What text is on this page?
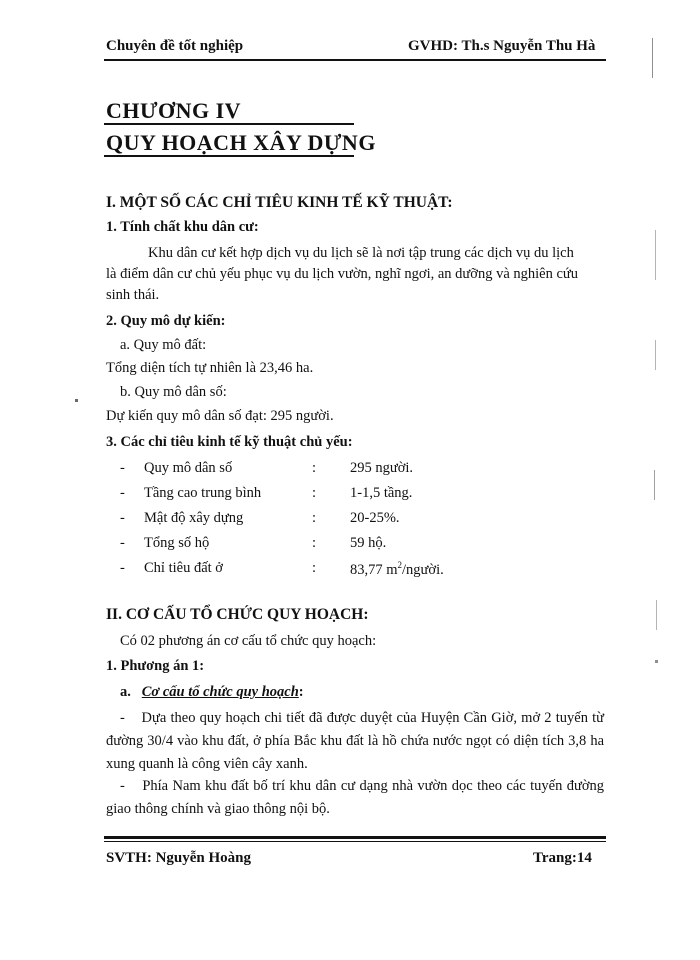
Chuyên đề tốt nghiệp	GVHD: Th.s Nguyễn Thu Hà
CHƯƠNG IV
QUY HOẠCH XÂY DỰNG
I. MỘT SỐ CÁC CHỈ TIÊU KINH TẾ KỸ THUẬT:
1. Tính chất khu dân cư:
Khu dân cư kết hợp dịch vụ du lịch sẽ là nơi tập trung các dịch vụ du lịch
là điểm dân cư chủ yếu phục vụ du lịch vườn, nghĩ ngơi, an dưỡng và nghiên cứu
sinh thái.
2. Quy mô dự kiến:
a. Quy mô đất:
Tổng diện tích tự nhiên là 23,46 ha.
b. Quy mô dân số:
Dự kiến quy mô dân số đạt: 295 người.
3. Các chỉ tiêu kinh tế kỹ thuật chủ yếu:
- Quy mô dân số	: 295 người.
- Tầng cao trung bình	: 1-1,5 tầng.
- Mật độ xây dựng	: 20-25%.
- Tổng số hộ	: 59 hộ.
- Chỉ tiêu đất ở	: 83,77 $m^2$/người.
II. CƠ CẤU TỔ CHỨC QUY HOẠCH:
Có 02 phương án cơ cấu tổ chức quy hoạch:
1. Phương án 1:
a. Cơ cấu tổ chức quy hoạch:

- Dựa theo quy hoạch chi tiết đã được duyệt của Huyện Cần Giờ, mở 2 tuyến từ đường 30/4 vào khu đất, ở phía Bắc khu đất là hồ chứa nước ngọt có diện tích 3,8 ha xung quanh là công viên cây xanh.

- Phía Nam khu đất bố trí khu dân cư dạng nhà vườn dọc theo các tuyến đường giao thông chính và giao thông nội bộ.

SVTH: Nguyễn Hoàng	Trang:14
